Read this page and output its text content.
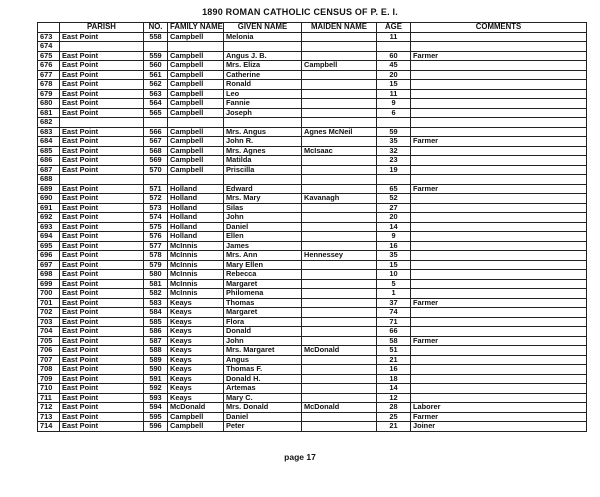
1890 ROMAN CATHOLIC CENSUS OF P. E. I.
	PARISH	NO.	FAMILY NAME	GIVEN NAME	MAIDEN NAME	AGE	COMMENTS
673	East Point	558	Campbell	Melonia		11	
674							
675	East Point	559	Campbell	Angus J. B.		60	Farmer
676	East Point	560	Campbell	Mrs. Eliza	Campbell	45	
677	East Point	561	Campbell	Catherine		20	
678	East Point	562	Campbell	Ronald		15	
679	East Point	563	Campbell	Leo		11	
680	East Point	564	Campbell	Fannie		9	
681	East Point	565	Campbell	Joseph		6	
682							
683	East Point	566	Campbell	Mrs. Angus	Agnes McNeil	59	
684	East Point	567	Campbell	John R.		35	Farmer
685	East Point	568	Campbell	Mrs. Agnes	McIsaac	32	
686	East Point	569	Campbell	Matilda		23	
687	East Point	570	Campbell	Priscilla		19	
688							
689	East Point	571	Holland	Edward		65	Farmer
690	East Point	572	Holland	Mrs. Mary	Kavanagh	52	
691	East Point	573	Holland	Silas		27	
692	East Point	574	Holland	John		20	
693	East Point	575	Holland	Daniel		14	
694	East Point	576	Holland	Ellen		9	
695	East Point	577	McInnis	James		16	
696	East Point	578	McInnis	Mrs. Ann	Hennessey	35	
697	East Point	579	McInnis	Mary Ellen		15	
698	East Point	580	McInnis	Rebecca		10	
699	East Point	581	McInnis	Margaret		5	
700	East Point	582	McInnis	Philomena		1	
701	East Point	583	Keays	Thomas		37	Farmer
702	East Point	584	Keays	Margaret		74	
703	East Point	585	Keays	Flora		71	
704	East Point	586	Keays	Donald		66	
705	East Point	587	Keays	John		58	Farmer
706	East Point	588	Keays	Mrs. Margaret	McDonald	51	
707	East Point	589	Keays	Angus		21	
708	East Point	590	Keays	Thomas F.		16	
709	East Point	591	Keays	Donald H.		18	
710	East Point	592	Keays	Artemas		14	
711	East Point	593	Keays	Mary C.		12	
712	East Point	594	McDonald	Mrs. Donald	McDonald	28	Laborer
713	East Point	595	Campbell	Daniel		25	Farmer
714	East Point	596	Campbell	Peter		21	Joiner
page 17
